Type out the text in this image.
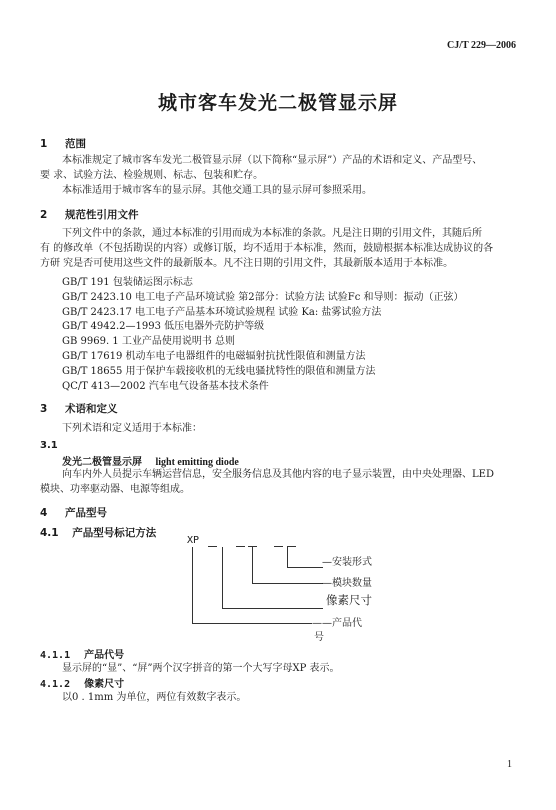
CJ/T 229—2006
城市客车发光二极管显示屏
1 范围
本标准规定了城市客车发光二极管显示屏（以下简称“显示屏”）产品的术语和定义、产品型号、
要 求、试验方法、检验规则、标志、包装和贮存。
本标准适用于城市客车的显示屏。其他交通工具的显示屏可参照采用。
2 规范性引用文件
下列文件中的条款，通过本标准的引用而成为本标准的条款。凡是注日期的引用文件，其随后所
有 的修改单（不包括勘误的内容）或修订版，均不适用于本标准，然而，鼓励根据本标准达成协议的各
方研 究是否可使用这些文件的最新版本。凡不注日期的引用文件，其最新版本适用于本标准。
GB/T 191 包装储运图示标志
GB/T 2423.10 电工电子产品环境试验 第2部分：试验方法 试验Fc 和导则：振动（正弦）
GB/T 2423.17 电工电子产品基本环境试验规程 试验 Ka: 盐雾试验方法
GB/T 4942.2—1993 低压电器外壳防护等级
GB 9969. 1 工业产品使用说明书 总则
GB/T 17619 机动车电子电器组件的电磁辐射抗扰性限值和测量方法
GB/T 18655 用于保护车载接收机的无线电骚扰特性的限值和测量方法
QC/T 413—2002 汽车电气设备基本技术条件
3 术语和定义
下列术语和定义适用于本标准：
3.1
发光二极管显示屏 light emitting diode
向车内外人员提示车辆运营信息，安全服务信息及其他内容的电子显示装置，由中央处理器、LED
模块、功率驱动器、电源等组成。
4 产品型号
4.1 产品型号标记方法
XP
—安装形式
—模块数量
像素尺寸
——产品代
号
4.1.1 产品代号
显示屏的“显”、“屏”两个汉字拼音的第一个大写字母XP 表示。
4.1.2 像素尺寸
以0 . 1mm 为单位，两位有效数字表示。
1
